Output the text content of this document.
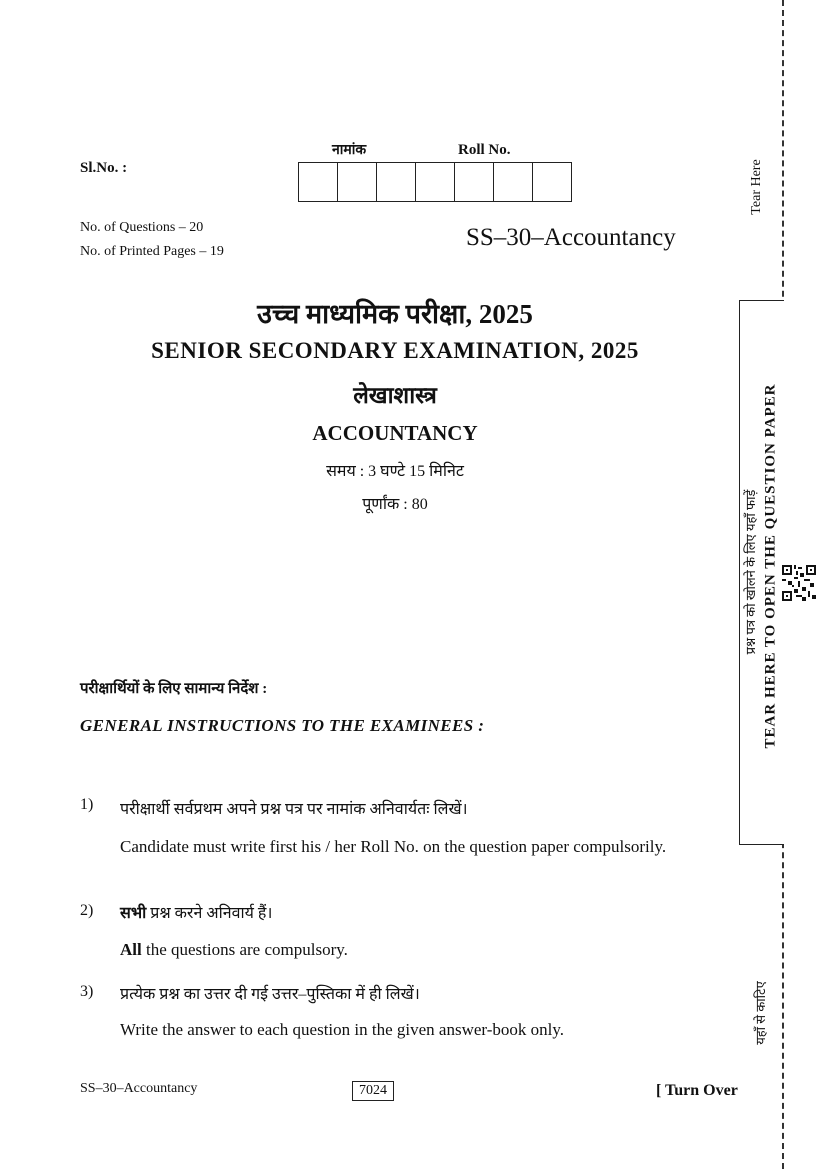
Sl.No. :
नामांक	Roll No.
No. of Questions – 20
No. of Printed Pages – 19
SS–30–Accountancy
उच्च माध्यमिक परीक्षा, 2025
SENIOR SECONDARY EXAMINATION, 2025
लेखाशास्त्र
ACCOUNTANCY
समय : 3 घण्टे 15 मिनिट
पूर्णांक : 80
परीक्षार्थियों के लिए सामान्य निर्देश :
GENERAL INSTRUCTIONS TO THE EXAMINEES :
1) परीक्षार्थी सर्वप्रथम अपने प्रश्न पत्र पर नामांक अनिवार्यतः लिखें।
Candidate must write first his / her Roll No. on the question paper compulsorily.
2) सभी प्रश्न करने अनिवार्य हैं।
All the questions are compulsory.
3) प्रत्येक प्रश्न का उत्तर दी गई उत्तर–पुस्तिका में ही लिखें।
Write the answer to each question in the given answer-book only.
SS–30–Accountancy	7024	[ Turn Over
Tear Here
प्रश्न पत्र को खोलने के लिए यहाँ फाड़ें TEAR HERE TO OPEN THE QUESTION PAPER
यहाँ से काटिए
